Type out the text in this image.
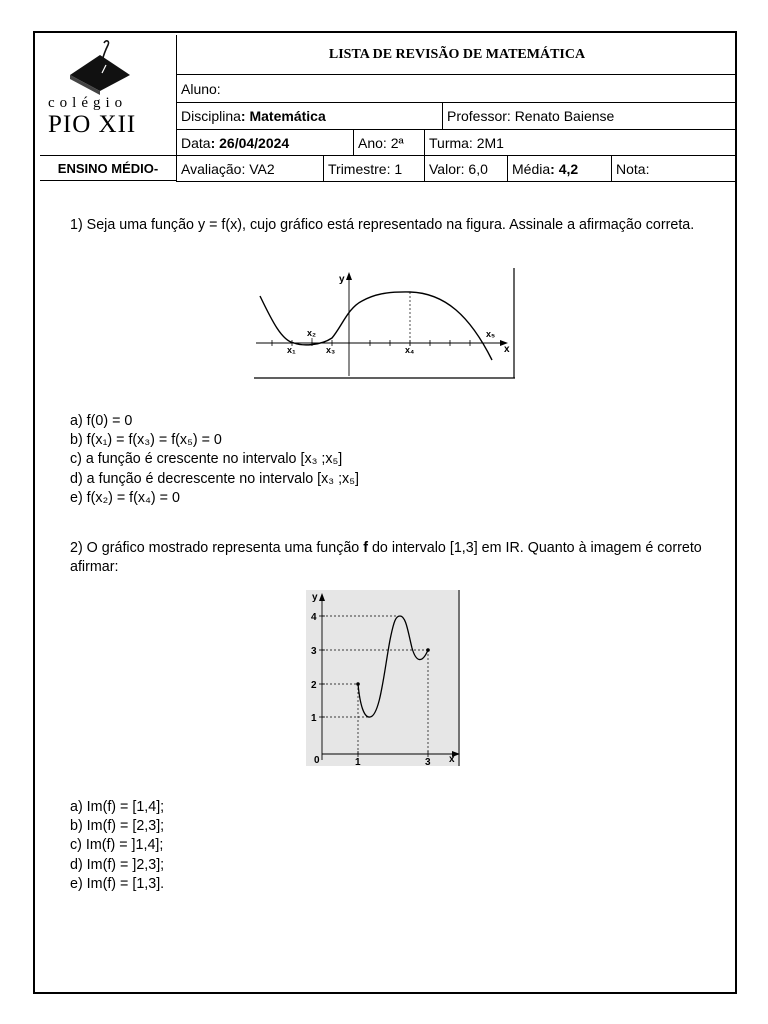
colégio
PIO XII
ENSINO MÉDIO-
LISTA DE REVISÃO DE MATEMÁTICA
Aluno:
Disciplina : Matemática	Professor: Renato Baiense
Data : 26/04/2024	Ano: 2ª	Turma: 2M1
Avaliação: VA2	Trimestre: 1	Valor: 6,0	Média : 4,2	Nota:
1) Seja uma função y = f(x), cujo gráfico está representado na figura. Assinale a afirmação correta.
y
x
x₁
x₂
x₃	x₄
x₅
a) f(0) = 0
b) f(x₁) = f(x₃) = f(x₅) = 0
c) a função é crescente no intervalo [x₃ ;x₅]
d) a função é decrescente no intervalo [x₃ ;x₅]
e) f(x₂) = f(x₄) = 0
2) O gráfico mostrado representa uma função f do intervalo [1,3] em IR. Quanto à imagem é correto afirmar:
y
x
4
3
2
1
0	1	3
a) Im(f) = [1,4];
b) Im(f) = [2,3];
c) Im(f) = ]1,4];
d) Im(f) = ]2,3];
e) Im(f) = [1,3].
